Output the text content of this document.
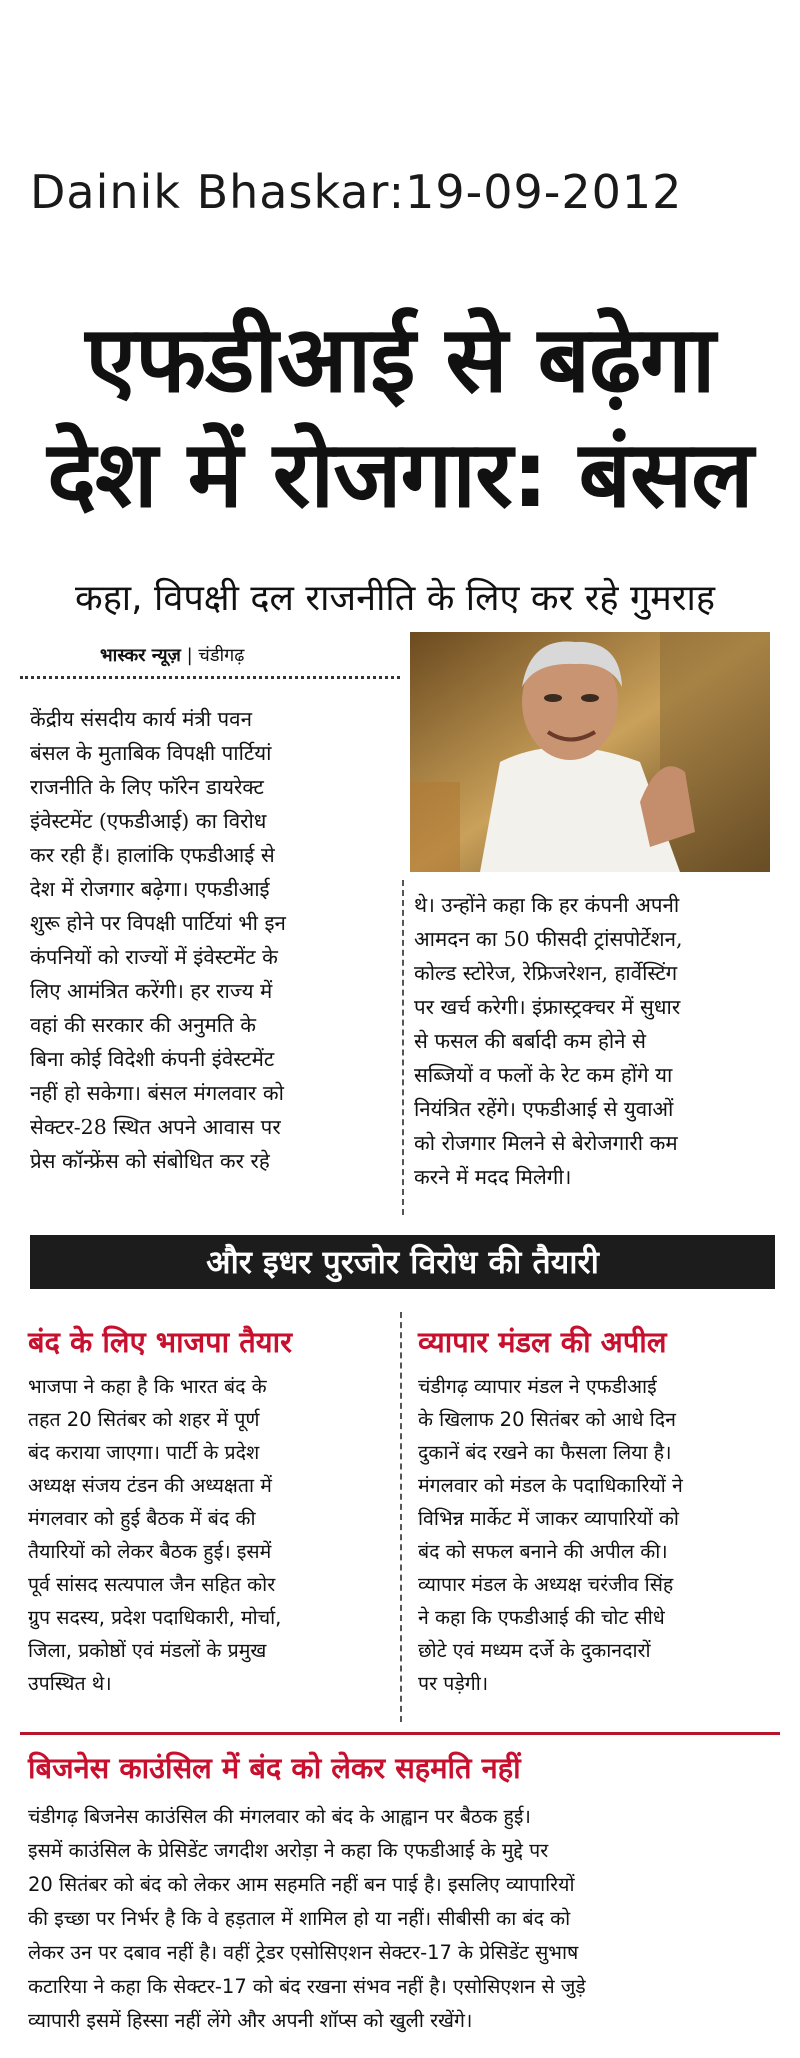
Dainik Bhaskar:19-09-2012
एफडीआई से बढ़ेगा
देश में रोजगार: बंसल
कहा, विपक्षी दल राजनीति के लिए कर रहे गुमराह
भास्कर न्यूज़ | चंडीगढ़
केंद्रीय संसदीय कार्य मंत्री पवन
बंसल के मुताबिक विपक्षी पार्टियां
राजनीति के लिए फॉरेन डायरेक्ट
इंवेस्टमेंट (एफडीआई) का विरोध
कर रही हैं। हालांकि एफडीआई से
देश में रोजगार बढ़ेगा। एफडीआई
शुरू होने पर विपक्षी पार्टियां भी इन
कंपनियों को राज्यों में इंवेस्टमेंट के
लिए आमंत्रित करेंगी। हर राज्य में
वहां की सरकार की अनुमति के
बिना कोई विदेशी कंपनी इंवेस्टमेंट
नहीं हो सकेगा। बंसल मंगलवार को
सेक्टर-28 स्थित अपने आवास पर
प्रेस कॉन्फ्रेंस को संबोधित कर रहे
थे। उन्होंने कहा कि हर कंपनी अपनी
आमदन का 50 फीसदी ट्रांसपोर्टेशन,
कोल्ड स्टोरेज, रेफ्रिजरेशन, हार्वेस्टिंग
पर खर्च करेगी। इंफ्रास्ट्रक्चर में सुधार
से फसल की बर्बादी कम होने से
सब्जियों व फलों के रेट कम होंगे या
नियंत्रित रहेंगे। एफडीआई से युवाओं
को रोजगार मिलने से बेरोजगारी कम
करने में मदद मिलेगी।
और इधर पुरजोर विरोध की तैयारी
बंद के लिए भाजपा तैयार
भाजपा ने कहा है कि भारत बंद के
तहत 20 सितंबर को शहर में पूर्ण
बंद कराया जाएगा। पार्टी के प्रदेश
अध्यक्ष संजय टंडन की अध्यक्षता में
मंगलवार को हुई बैठक में बंद की
तैयारियों को लेकर बैठक हुई। इसमें
पूर्व सांसद सत्यपाल जैन सहित कोर
ग्रुप सदस्य, प्रदेश पदाधिकारी, मोर्चा,
जिला, प्रकोष्ठों एवं मंडलों के प्रमुख
उपस्थित थे।
व्यापार मंडल की अपील
चंडीगढ़ व्यापार मंडल ने एफडीआई
के खिलाफ 20 सितंबर को आधे दिन
दुकानें बंद रखने का फैसला लिया है।
मंगलवार को मंडल के पदाधिकारियों ने
विभिन्न मार्केट में जाकर व्यापारियों को
बंद को सफल बनाने की अपील की।
व्यापार मंडल के अध्यक्ष चरंजीव सिंह
ने कहा कि एफडीआई की चोट सीधे
छोटे एवं मध्यम दर्जे के दुकानदारों
पर पड़ेगी।
बिजनेस काउंसिल में बंद को लेकर सहमति नहीं
चंडीगढ़ बिजनेस काउंसिल की मंगलवार को बंद के आह्वान पर बैठक हुई।
इसमें काउंसिल के प्रेसिडेंट जगदीश अरोड़ा ने कहा कि एफडीआई के मुद्दे पर
20 सितंबर को बंद को लेकर आम सहमति नहीं बन पाई है। इसलिए व्यापारियों
की इच्छा पर निर्भर है कि वे हड़ताल में शामिल हो या नहीं। सीबीसी का बंद को
लेकर उन पर दबाव नहीं है। वहीं ट्रेडर एसोसिएशन सेक्टर-17 के प्रेसिडेंट सुभाष
कटारिया ने कहा कि सेक्टर-17 को बंद रखना संभव नहीं है। एसोसिएशन से जुड़े
व्यापारी इसमें हिस्सा नहीं लेंगे और अपनी शॉप्स को खुली रखेंगे।
